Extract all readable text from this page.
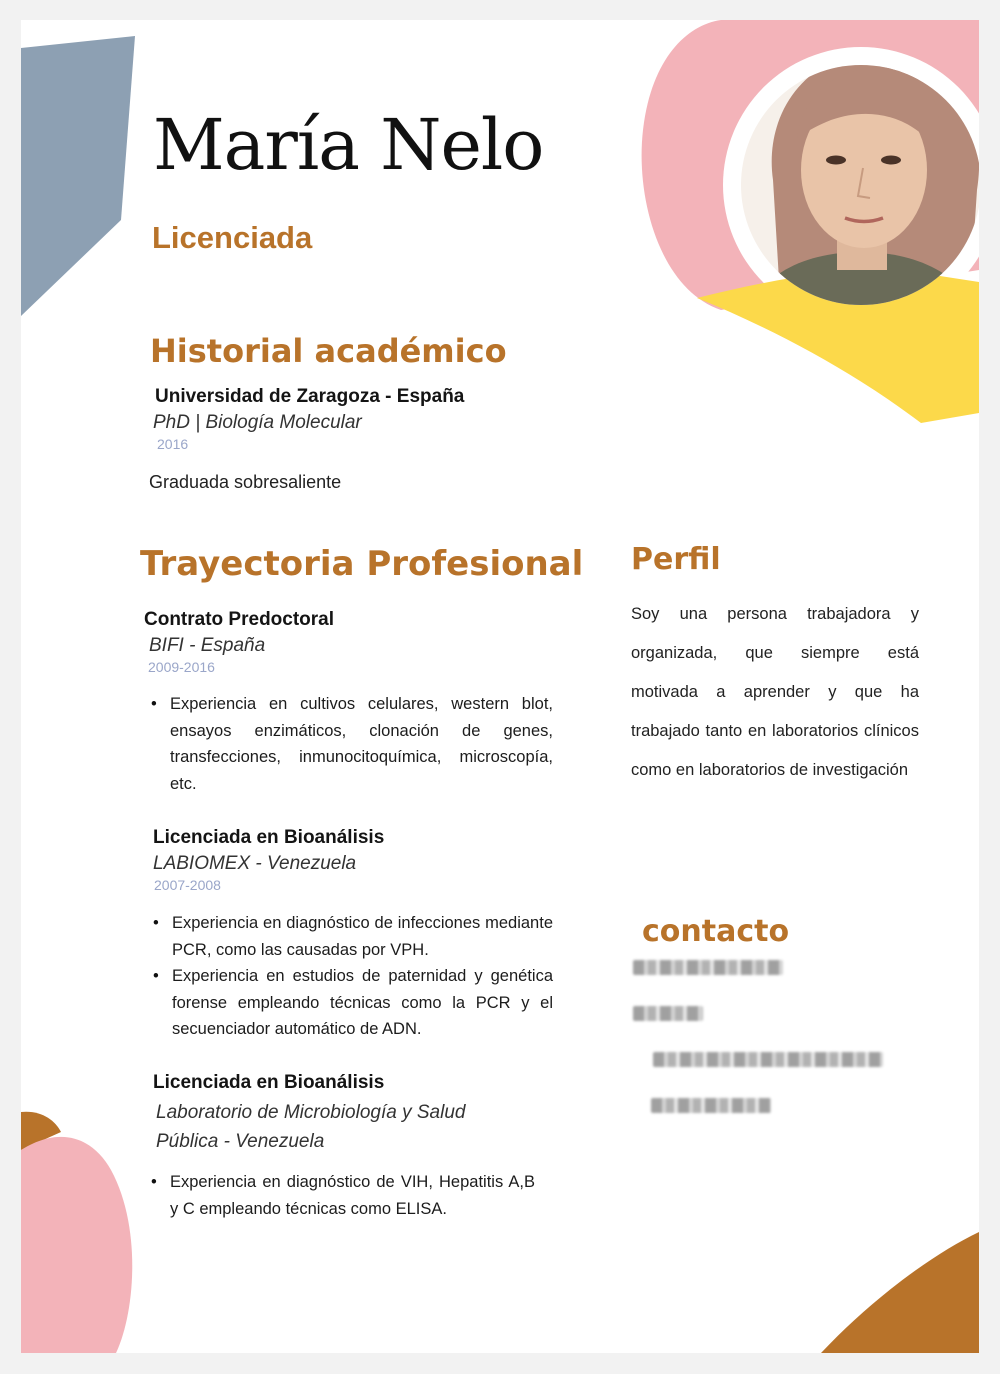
María Nelo
Licenciada
Historial académico
Universidad de Zaragoza - España
PhD | Biología Molecular
2016
Graduada sobresaliente
Trayectoria Profesional
Contrato Predoctoral
BIFI - España
2009-2016
• Experiencia en cultivos celulares, western blot, ensayos enzimáticos, clonación de genes, transfecciones, inmunocitoquímica, microscopía, etc.
Licenciada en Bioanálisis
LABIOMEX - Venezuela
2007-2008
• Experiencia en diagnóstico de infecciones mediante PCR, como las causadas por VPH.
• Experiencia en estudios de paternidad y genética forense empleando técnicas como la PCR y el secuenciador automático de ADN.
Licenciada en Bioanálisis
Laboratorio de Microbiología y Salud Pública - Venezuela
• Experiencia en diagnóstico de VIH, Hepatitis A,B y C empleando técnicas como ELISA.
Perfil

Soy una persona trabajadora y organizada, que siempre está motivada a aprender y que ha trabajado tanto en laboratorios clínicos como en laboratorios de investigación

contacto
